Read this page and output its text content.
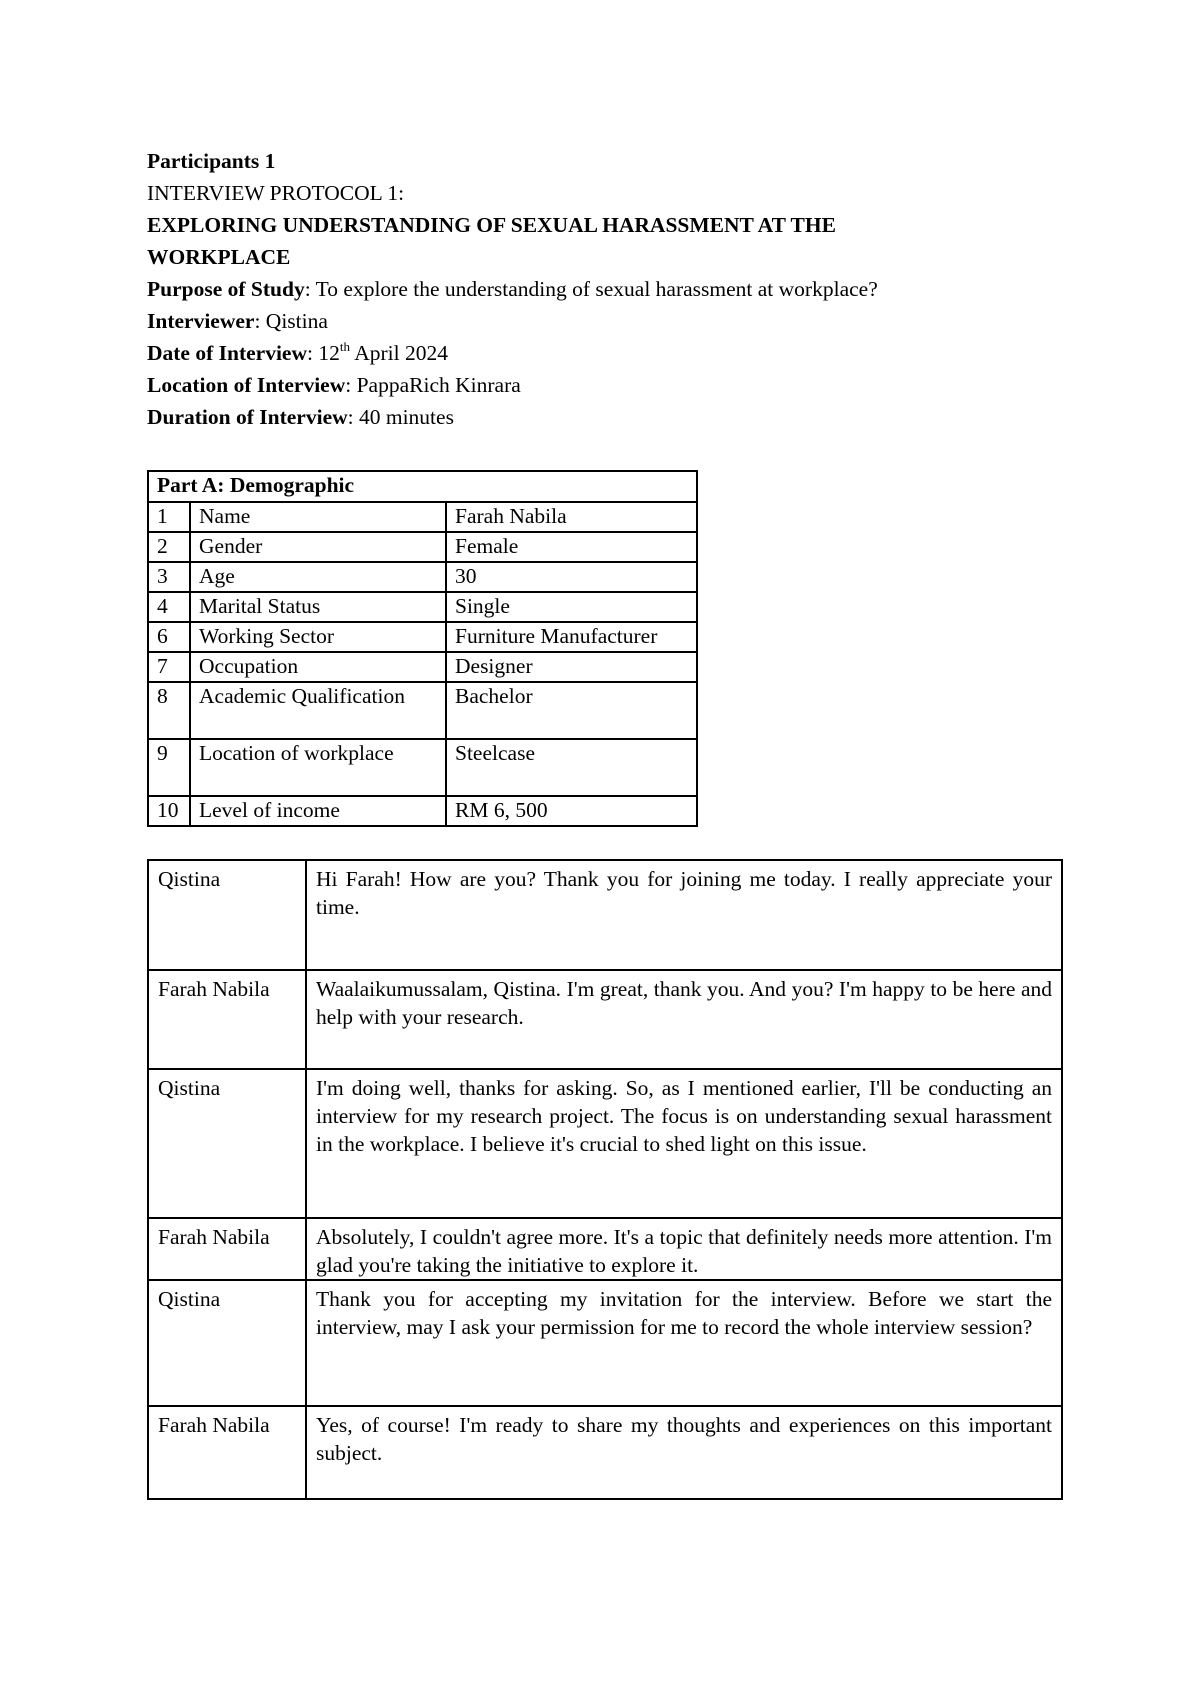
Participants 1
INTERVIEW PROTOCOL 1:
EXPLORING UNDERSTANDING OF SEXUAL HARASSMENT AT THE
WORKPLACE
Purpose of Study: To explore the understanding of sexual harassment at workplace?
Interviewer: Qistina
Date of Interview: 12th April 2024
Location of Interview: PappaRich Kinrara
Duration of Interview: 40 minutes
Part A: Demographic		
1	Name	Farah Nabila
2	Gender	Female
3	Age	30
4	Marital Status	Single
6	Working Sector	Furniture Manufacturer
7	Occupation	Designer
8	Academic Qualification	Bachelor
9	Location of workplace	Steelcase
10	Level of income	RM 6, 500
Qistina	Hi Farah! How are you? Thank you for joining me today. I really appreciate your time.
Farah Nabila	Waalaikumussalam, Qistina. I'm great, thank you. And you? I'm happy to be here and help with your research.
Qistina	I'm doing well, thanks for asking. So, as I mentioned earlier, I'll be conducting an interview for my research project. The focus is on understanding sexual harassment in the workplace. I believe it's crucial to shed light on this issue.
Farah Nabila	Absolutely, I couldn't agree more. It's a topic that definitely needs more attention. I'm glad you're taking the initiative to explore it.
Qistina	Thank you for accepting my invitation for the interview. Before we start the interview, may I ask your permission for me to record the whole interview session?
Farah Nabila	Yes, of course! I'm ready to share my thoughts and experiences on this important subject.
